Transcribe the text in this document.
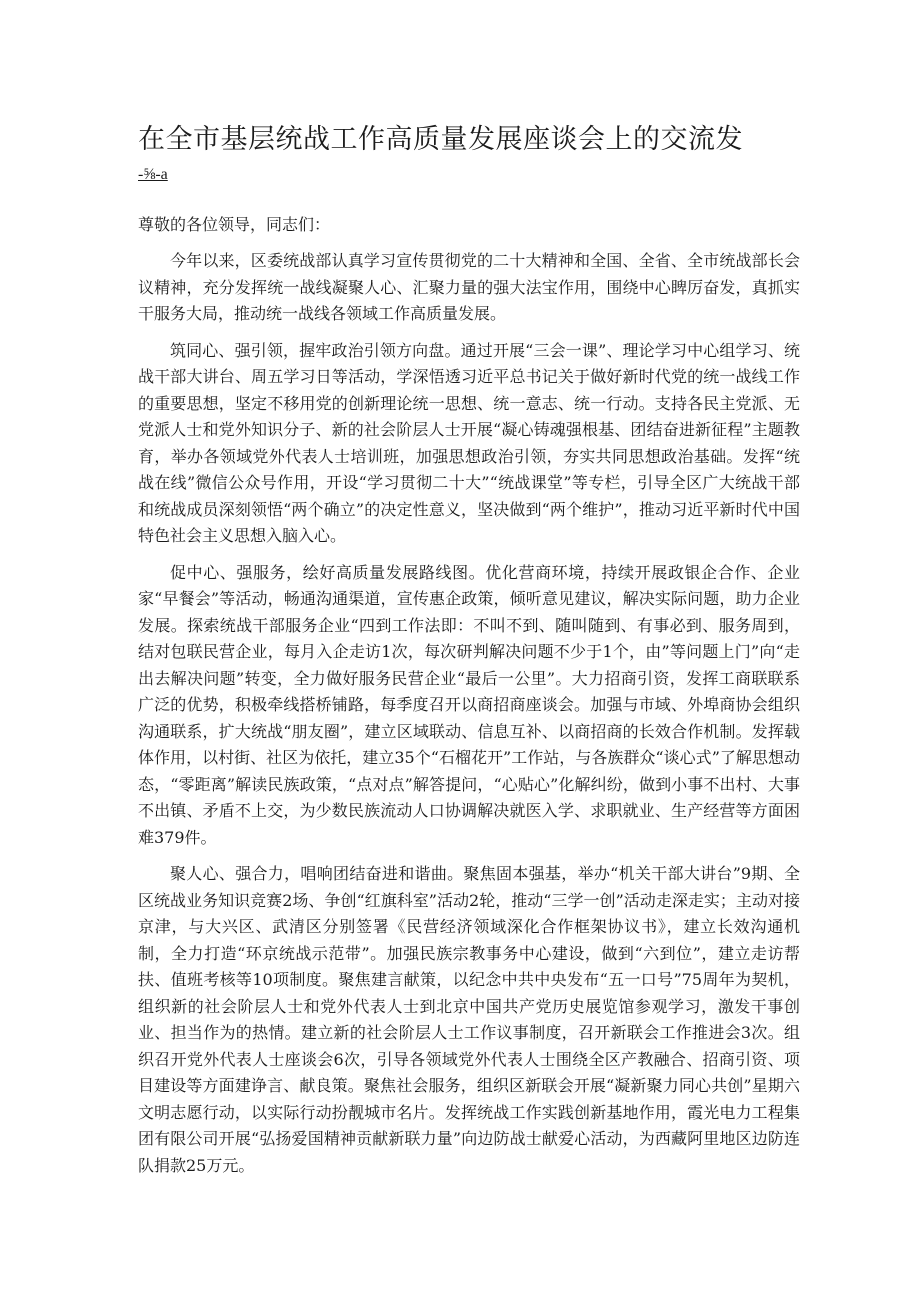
在全市基层统战工作高质量发展座谈会上的交流发
-⅝-a

尊敬的各位领导，同志们：

今年以来，区委统战部认真学习宣传贯彻党的二十大精神和全国、全省、全市统战部长会议精神，充分发挥统一战线凝聚人心、汇聚力量的强大法宝作用，围绕中心睥厉奋发，真抓实干服务大局，推动统一战线各领域工作高质量发展。

筑同心、强引领，握牢政治引领方向盘。通过开展“三会一课”、理论学习中心组学习、统战干部大讲台、周五学习日等活动，学深悟透习近平总书记关于做好新时代党的统一战线工作的重要思想，坚定不移用党的创新理论统一思想、统一意志、统一行动。支持各民主党派、无党派人士和党外知识分子、新的社会阶层人士开展“凝心铸魂强根基、团结奋进新征程”主题教育，举办各领域党外代表人士培训班，加强思想政治引领，夯实共同思想政治基础。发挥“统战在线”微信公众号作用，开设“学习贯彻二十大”“统战课堂”等专栏，引导全区广大统战干部和统战成员深刻领悟“两个确立”的决定性意义，坚决做到“两个维护”，推动习近平新时代中国特色社会主义思想入脑入心。

促中心、强服务，绘好高质量发展路线图。优化营商环境，持续开展政银企合作、企业家“早餐会”等活动，畅通沟通渠道，宣传惠企政策，倾听意见建议，解决实际问题，助力企业发展。探索统战干部服务企业“四到工作法即：不叫不到、随叫随到、有事必到、服务周到，结对包联民营企业，每月入企走访1次，每次研判解决问题不少于1个，由”等问题上门”向“走出去解决问题”转变，全力做好服务民营企业“最后一公里”。大力招商引资，发挥工商联联系广泛的优势，积极牵线搭桥铺路，每季度召开以商招商座谈会。加强与市域、外埠商协会组织沟通联系，扩大统战“朋友圈”，建立区域联动、信息互补、以商招商的长效合作机制。发挥载体作用，以村街、社区为依托，建立35个“石榴花开”工作站，与各族群众“谈心式”了解思想动态，“零距离”解读民族政策，“点对点”解答提问，“心贴心”化解纠纷，做到小事不出村、大事不出镇、矛盾不上交，为少数民族流动人口协调解决就医入学、求职就业、生产经营等方面困难379件。

聚人心、强合力，唱响团结奋进和谐曲。聚焦固本强基，举办“机关干部大讲台”9期、全区统战业务知识竞赛2场、争创“红旗科室”活动2轮，推动“三学一创”活动走深走实；主动对接京津，与大兴区、武清区分别签署《民营经济领域深化合作框架协议书》，建立长效沟通机制，全力打造“环京统战示范带”。加强民族宗教事务中心建设，做到“六到位”，建立走访帮扶、值班考核等10项制度。聚焦建言献策，以纪念中共中央发布“五一口号”75周年为契机，组织新的社会阶层人士和党外代表人士到北京中国共产党历史展览馆参观学习，激发干事创业、担当作为的热情。建立新的社会阶层人士工作议事制度，召开新联会工作推进会3次。组织召开党外代表人士座谈会6次，引导各领域党外代表人士围绕全区产教融合、招商引资、项目建设等方面建诤言、献良策。聚焦社会服务，组织区新联会开展“凝新聚力同心共创”星期六文明志愿行动，以实际行动扮靓城市名片。发挥统战工作实践创新基地作用，霞光电力工程集团有限公司开展“弘扬爱国精神贡献新联力量”向边防战士献爱心活动，为西藏阿里地区边防连队捐款25万元。
